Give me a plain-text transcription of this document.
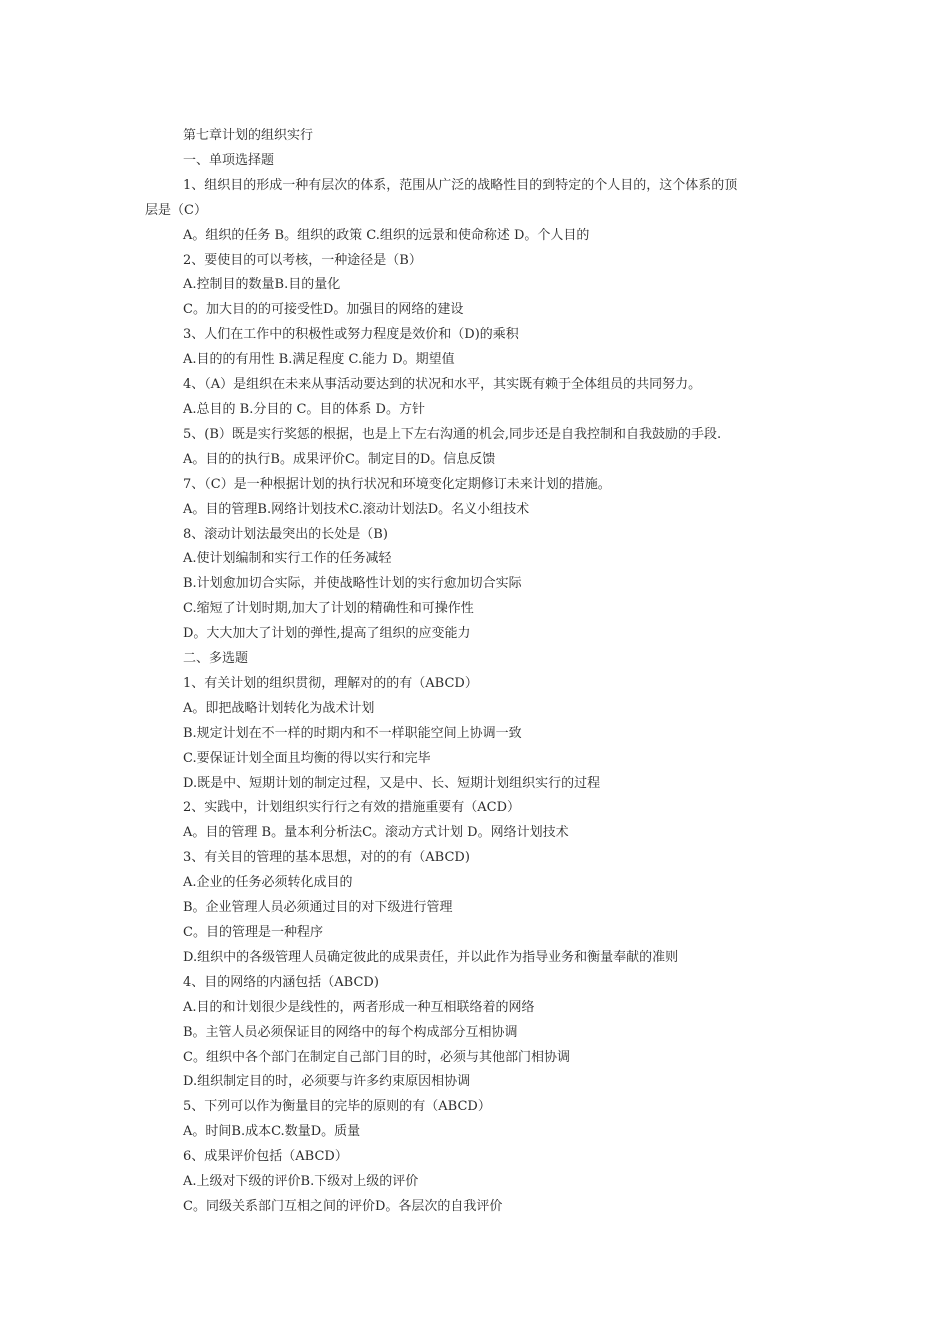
第七章计划的组织实行
一、单项选择题
1、组织目的形成一种有层次的体系，范围从广泛的战略性目的到特定的个人目的，这个体系的顶
层是（C）
A。组织的任务 B。组织的政策 C.组织的远景和使命称述 D。个人目的
2、要使目的可以考核，一种途径是（B）
A.控制目的数量B.目的量化
C。加大目的的可接受性D。加强目的网络的建设
3、人们在工作中的积极性或努力程度是效价和（D)的乘积
A.目的的有用性 B.满足程度 C.能力 D。期望值
4、（A）是组织在未来从事活动要达到的状况和水平，其实既有赖于全体组员的共同努力。
A.总目的 B.分目的 C。目的体系 D。方针
5、(B）既是实行奖惩的根据，也是上下左右沟通的机会,同步还是自我控制和自我鼓励的手段.
A。目的的执行B。成果评价C。制定目的D。信息反馈
7、（C）是一种根据计划的执行状况和环境变化定期修订未来计划的措施。
A。目的管理B.网络计划技术C.滚动计划法D。名义小组技术
8、滚动计划法最突出的长处是（B)
A.使计划编制和实行工作的任务减轻
B.计划愈加切合实际，并使战略性计划的实行愈加切合实际
C.缩短了计划时期,加大了计划的精确性和可操作性
D。大大加大了计划的弹性,提高了组织的应变能力
二、多选题
1、有关计划的组织贯彻，理解对的的有（ABCD）
A。即把战略计划转化为战术计划
B.规定计划在不一样的时期内和不一样职能空间上协调一致
C.要保证计划全面且均衡的得以实行和完毕
D.既是中、短期计划的制定过程，又是中、长、短期计划组织实行的过程
2、实践中，计划组织实行行之有效的措施重要有（ACD）
A。目的管理 B。量本利分析法C。滚动方式计划 D。网络计划技术
3、有关目的管理的基本思想，对的的有（ABCD)
A.企业的任务必须转化成目的
B。企业管理人员必须通过目的对下级进行管理
C。目的管理是一种程序
D.组织中的各级管理人员确定彼此的成果责任，并以此作为指导业务和衡量奉献的准则
4、目的网络的内涵包括（ABCD)
A.目的和计划很少是线性的，两者形成一种互相联络着的网络
B。主管人员必须保证目的网络中的每个构成部分互相协调
C。组织中各个部门在制定自己部门目的时，必须与其他部门相协调
D.组织制定目的时，必须要与许多约束原因相协调
5、下列可以作为衡量目的完毕的原则的有（ABCD）
A。时间B.成本C.数量D。质量
6、成果评价包括（ABCD）
A.上级对下级的评价B.下级对上级的评价
C。同级关系部门互相之间的评价D。各层次的自我评价
